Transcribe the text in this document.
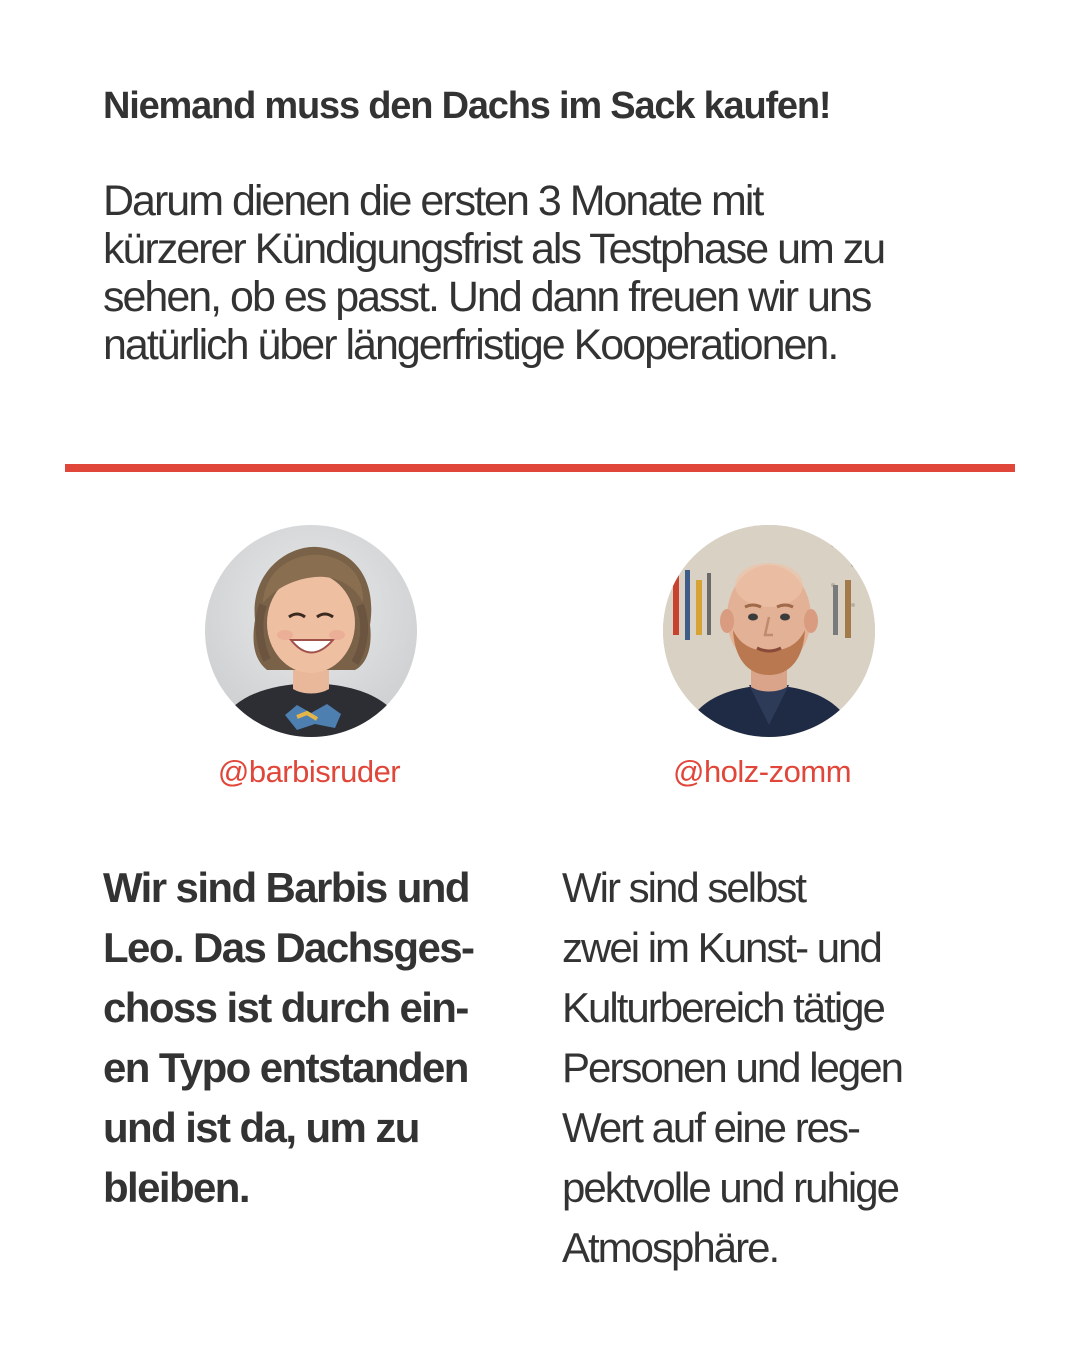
Niemand muss den Dachs im Sack kaufen!

Darum dienen die ersten 3 Monate mit
kürzerer Kündigungsfrist als Testphase um zu
sehen, ob es passt. Und dann freuen wir uns
natürlich über längerfristige Kooperationen.

@barbisruder	@holz-zomm

Wir sind Barbis und
Leo. Das Dachsges-
choss ist durch ein-
en Typo entstanden
und ist da, um zu
bleiben.

Wir sind selbst
zwei im Kunst- und
Kulturbereich tätige
Personen und legen
Wert auf eine res-
pektvolle und ruhige
Atmosphäre.
